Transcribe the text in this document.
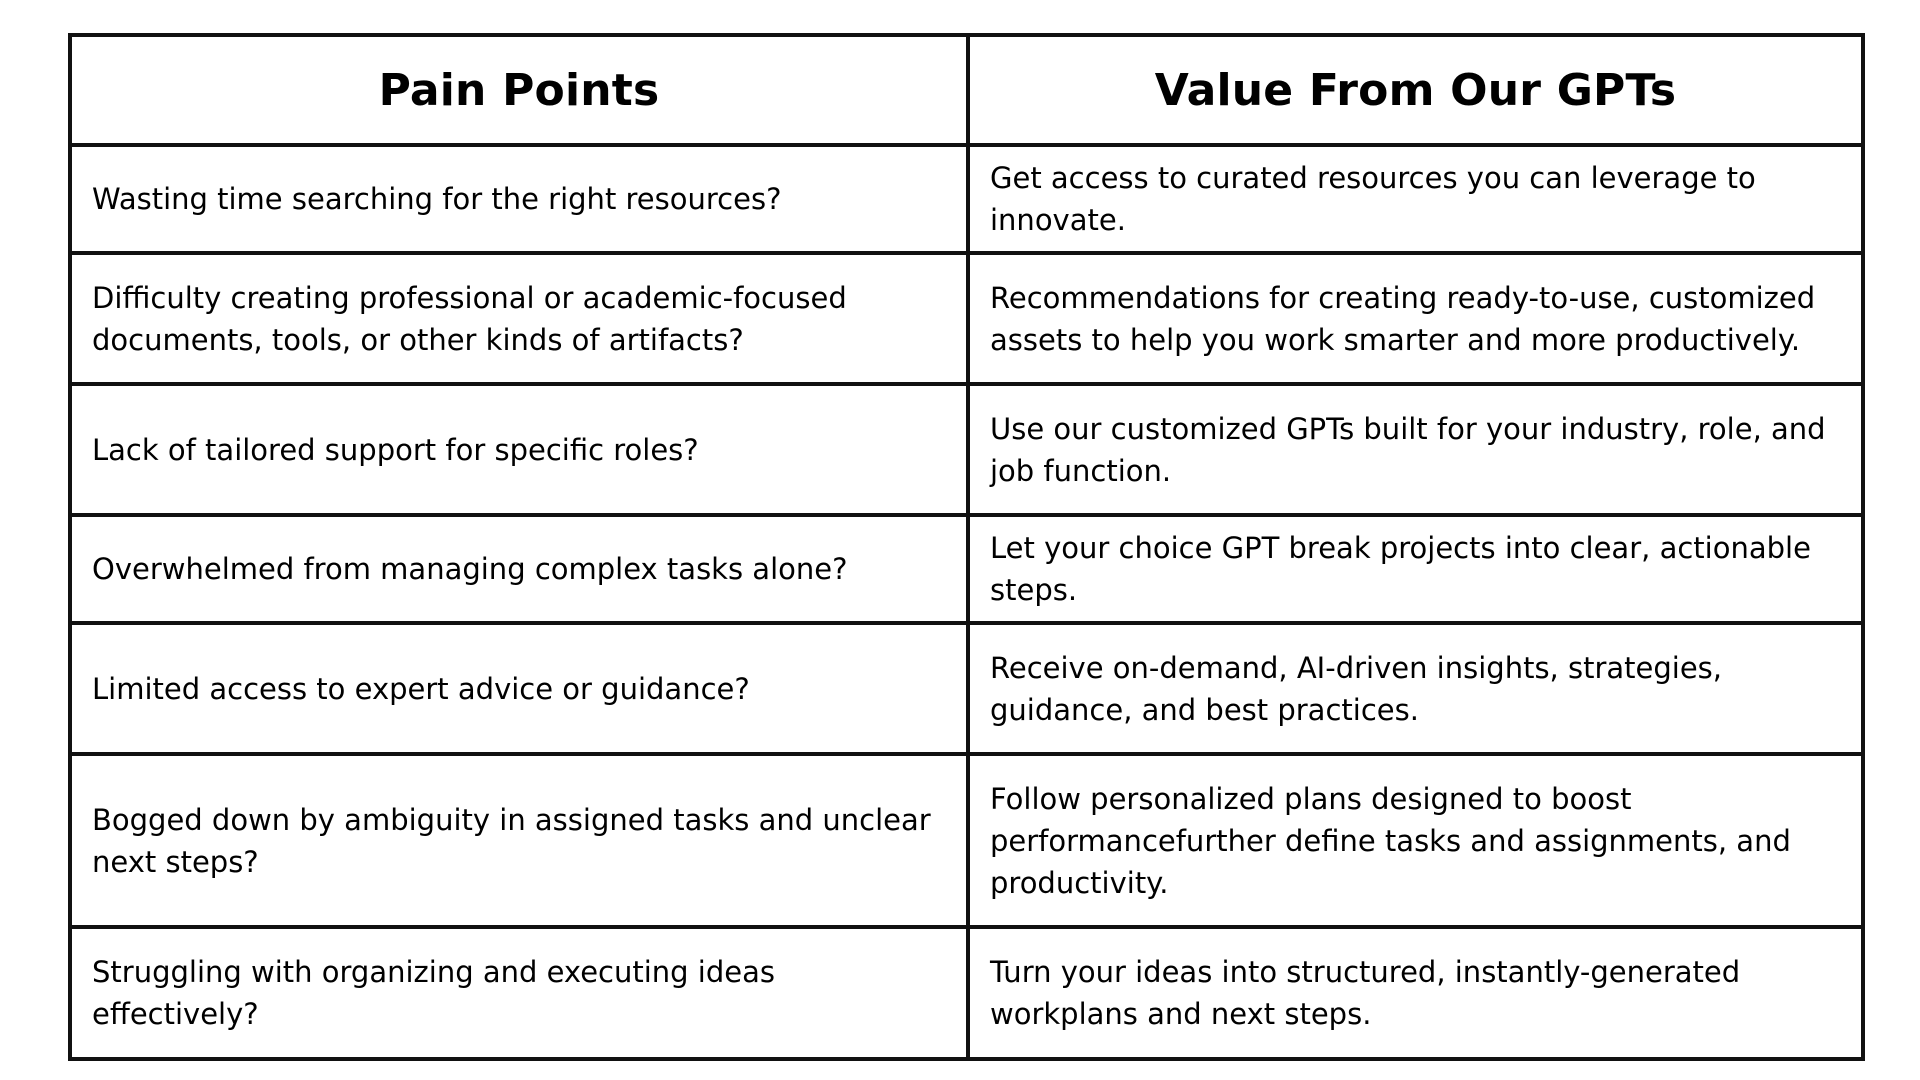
Pain Points	Value From Our GPTs
Wasting time searching for the right resources?	Get access to curated resources you can leverage to innovate.
Difficulty creating professional or academic-focused documents, tools, or other kinds of artifacts?	Recommendations for creating ready-to-use, customized assets to help you work smarter and more productively.
Lack of tailored support for specific roles?	Use our customized GPTs built for your industry, role, and job function.
Overwhelmed from managing complex tasks alone?	Let your choice GPT break projects into clear, actionable steps.
Limited access to expert advice or guidance?	Receive on-demand, AI-driven insights, strategies, guidance, and best practices.
Bogged down by ambiguity in assigned tasks and unclear next steps?	Follow personalized plans designed to boost performancefurther define tasks and assignments, and productivity.
Struggling with organizing and executing ideas effectively?	Turn your ideas into structured, instantly-generated workplans and next steps.
